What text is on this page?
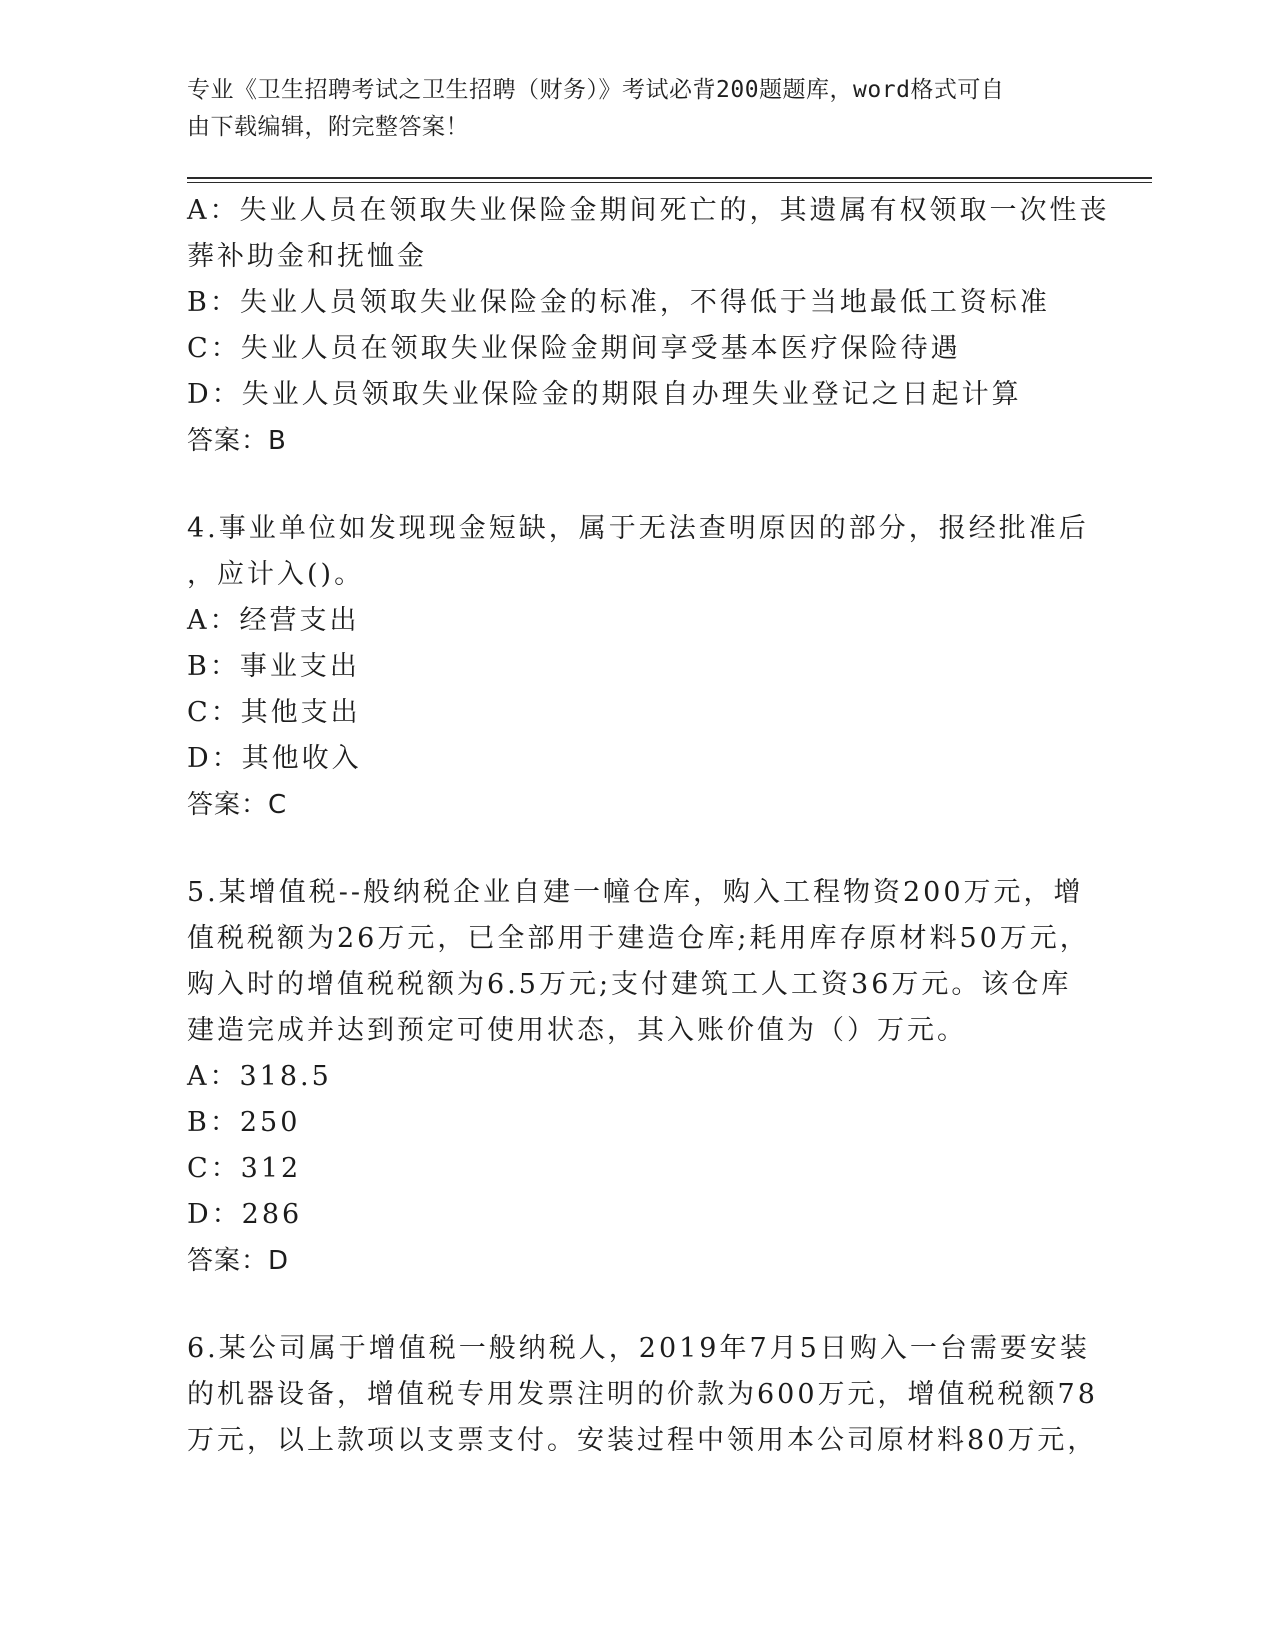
专业《卫生招聘考试之卫生招聘（财务）》考试必背200题题库，word格式可自
由下载编辑，附完整答案！
A：失业人员在领取失业保险金期间死亡的，其遗属有权领取一次性丧
葬补助金和抚恤金
B：失业人员领取失业保险金的标准，不得低于当地最低工资标准
C：失业人员在领取失业保险金期间享受基本医疗保险待遇
D：失业人员领取失业保险金的期限自办理失业登记之日起计算
答案：B
4.事业单位如发现现金短缺，属于无法查明原因的部分，报经批准后
，应计入()。
A：经营支出
B：事业支出
C：其他支出
D：其他收入
答案：C
5.某增值税--般纳税企业自建一幢仓库，购入工程物资200万元，增
值税税额为26万元，已全部用于建造仓库;耗用库存原材料50万元，
购入时的增值税税额为6.5万元;支付建筑工人工资36万元。该仓库
建造完成并达到预定可使用状态，其入账价值为（）万元。
A：318.5
B：250
C：312
D：286
答案：D
6.某公司属于增值税一般纳税人，2019年7月5日购入一台需要安装
的机器设备，增值税专用发票注明的价款为600万元，增值税税额78
万元，以上款项以支票支付。安装过程中领用本公司原材料80万元，
